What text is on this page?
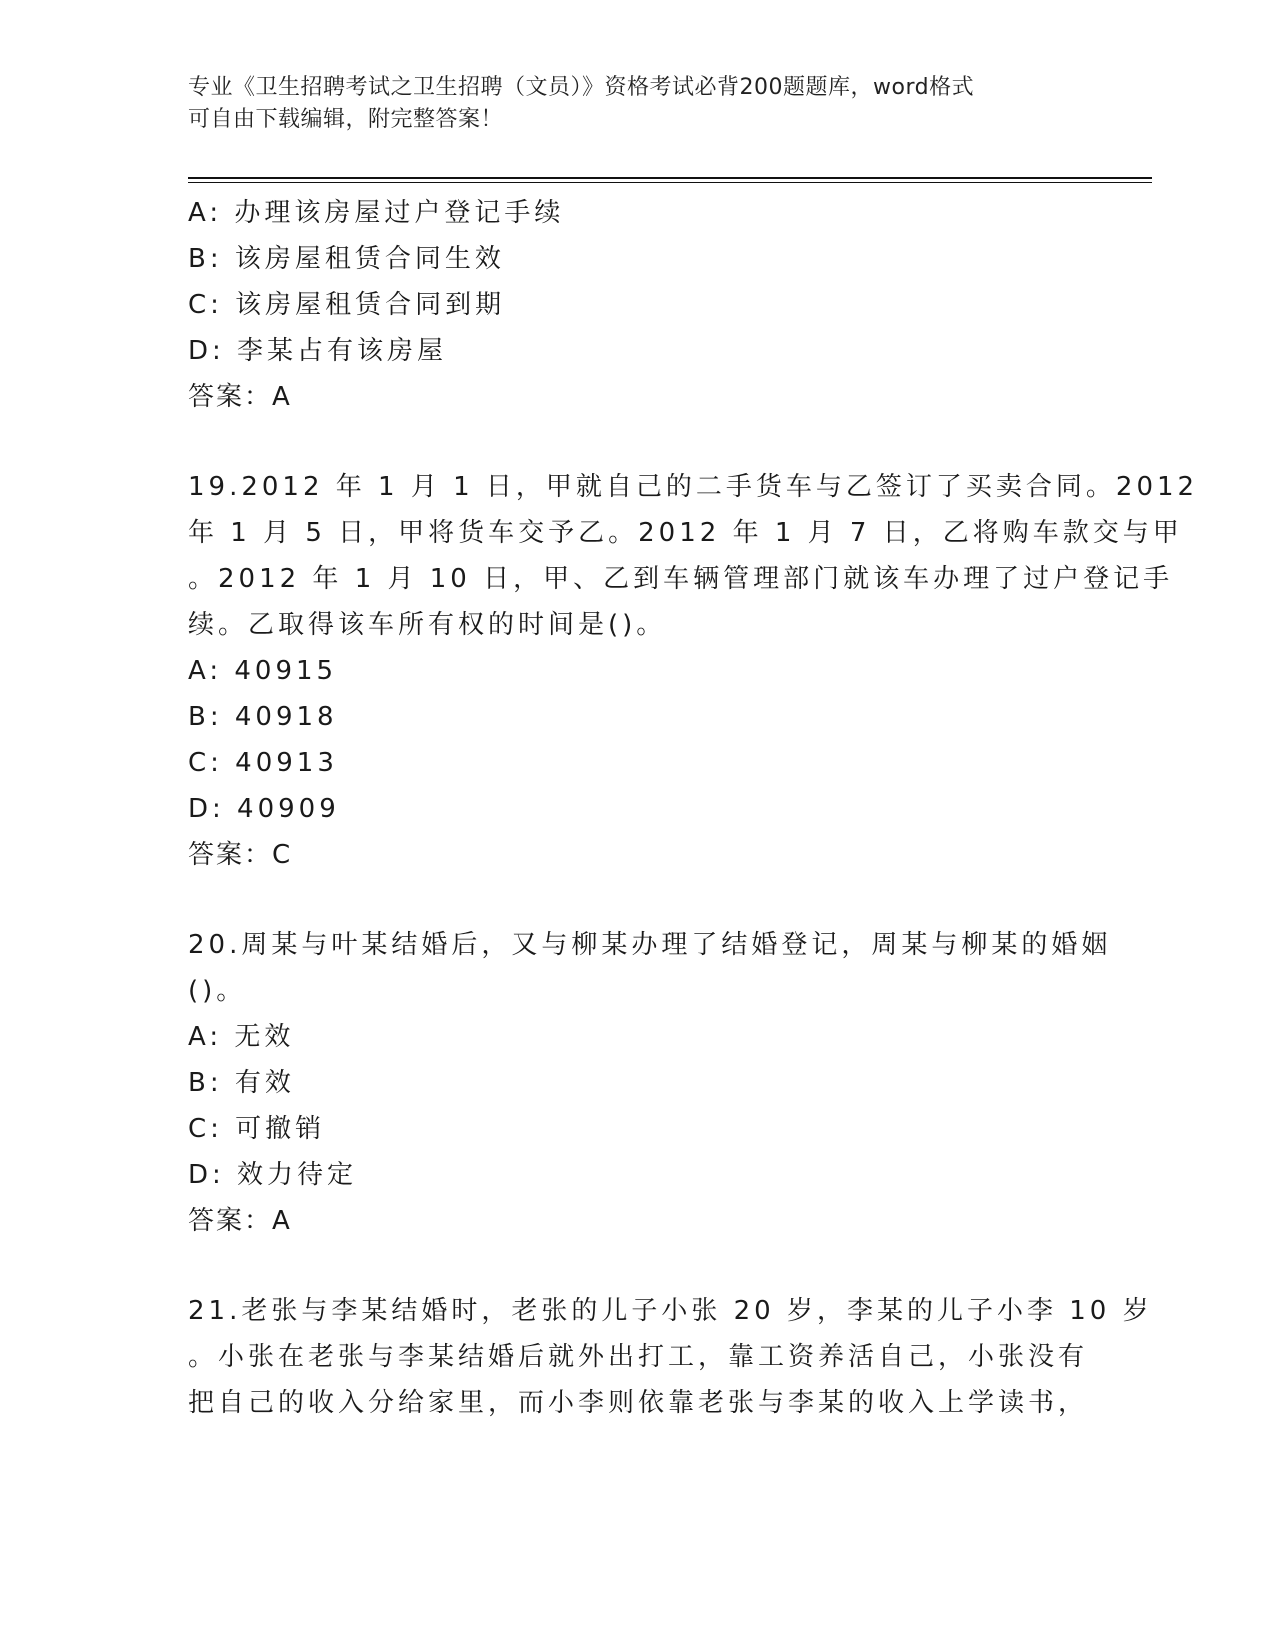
专业《卫生招聘考试之卫生招聘（文员）》资格考试必背200题题库，word格式
可自由下载编辑，附完整答案！
A: 办理该房屋过户登记手续
B: 该房屋租赁合同生效
C: 该房屋租赁合同到期
D: 李某占有该房屋
答案：A
19.2012 年 1 月 1 日，甲就自己的二手货车与乙签订了买卖合同。2012
年 1 月 5 日，甲将货车交予乙。2012 年 1 月 7 日，乙将购车款交与甲
。2012 年 1 月 10 日，甲、乙到车辆管理部门就该车办理了过户登记手
续。乙取得该车所有权的时间是()。
A: 40915
B: 40918
C: 40913
D: 40909
答案：C
20.周某与叶某结婚后，又与柳某办理了结婚登记，周某与柳某的婚姻
()。
A: 无效
B: 有效
C: 可撤销
D: 效力待定
答案：A
21.老张与李某结婚时，老张的儿子小张 20 岁，李某的儿子小李 10 岁
。小张在老张与李某结婚后就外出打工，靠工资养活自己，小张没有
把自己的收入分给家里，而小李则依靠老张与李某的收入上学读书，
